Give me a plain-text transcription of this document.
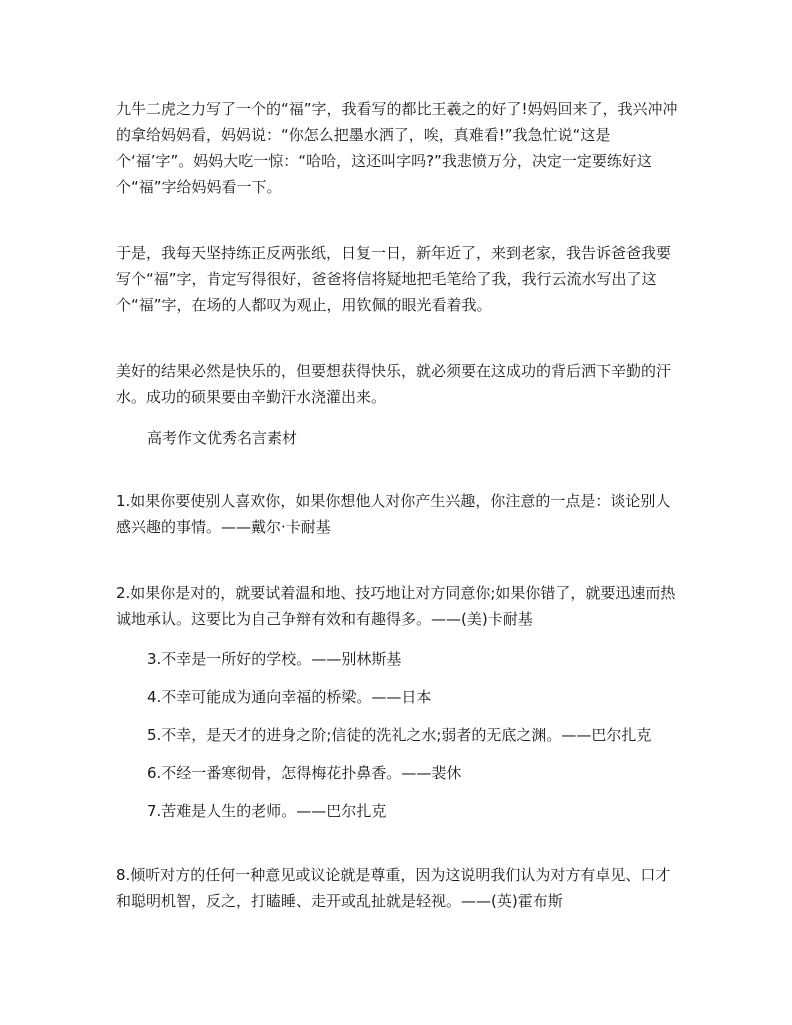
九牛二虎之力写了一个的“福”字，我看写的都比王羲之的好了!妈妈回来了，我兴冲冲的拿给妈妈看，妈妈说：“你怎么把墨水洒了，唉，真难看!”我急忙说“这是个‘福’字”。妈妈大吃一惊：“哈哈，这还叫字吗?”我悲愤万分，决定一定要练好这个“福”字给妈妈看一下。

于是，我每天坚持练正反两张纸，日复一日，新年近了，来到老家，我告诉爸爸我要写个“福”字，肯定写得很好，爸爸将信将疑地把毛笔给了我，我行云流水写出了这个“福”字，在场的人都叹为观止，用钦佩的眼光看着我。

美好的结果必然是快乐的，但要想获得快乐，就必须要在这成功的背后洒下辛勤的汗水。成功的硕果要由辛勤汗水浇灌出来。

高考作文优秀名言素材

1.如果你要使别人喜欢你，如果你想他人对你产生兴趣，你注意的一点是：谈论别人感兴趣的事情。——戴尔·卡耐基

2.如果你是对的，就要试着温和地、技巧地让对方同意你;如果你错了，就要迅速而热诚地承认。这要比为自己争辩有效和有趣得多。——(美)卡耐基

3.不幸是一所好的学校。——别林斯基

4.不幸可能成为通向幸福的桥梁。——日本

5.不幸，是天才的进身之阶;信徒的洗礼之水;弱者的无底之渊。——巴尔扎克

6.不经一番寒彻骨，怎得梅花扑鼻香。——裴休

7.苦难是人生的老师。——巴尔扎克

8.倾听对方的任何一种意见或议论就是尊重，因为这说明我们认为对方有卓见、口才和聪明机智，反之，打瞌睡、走开或乱扯就是轻视。——(英)霍布斯
